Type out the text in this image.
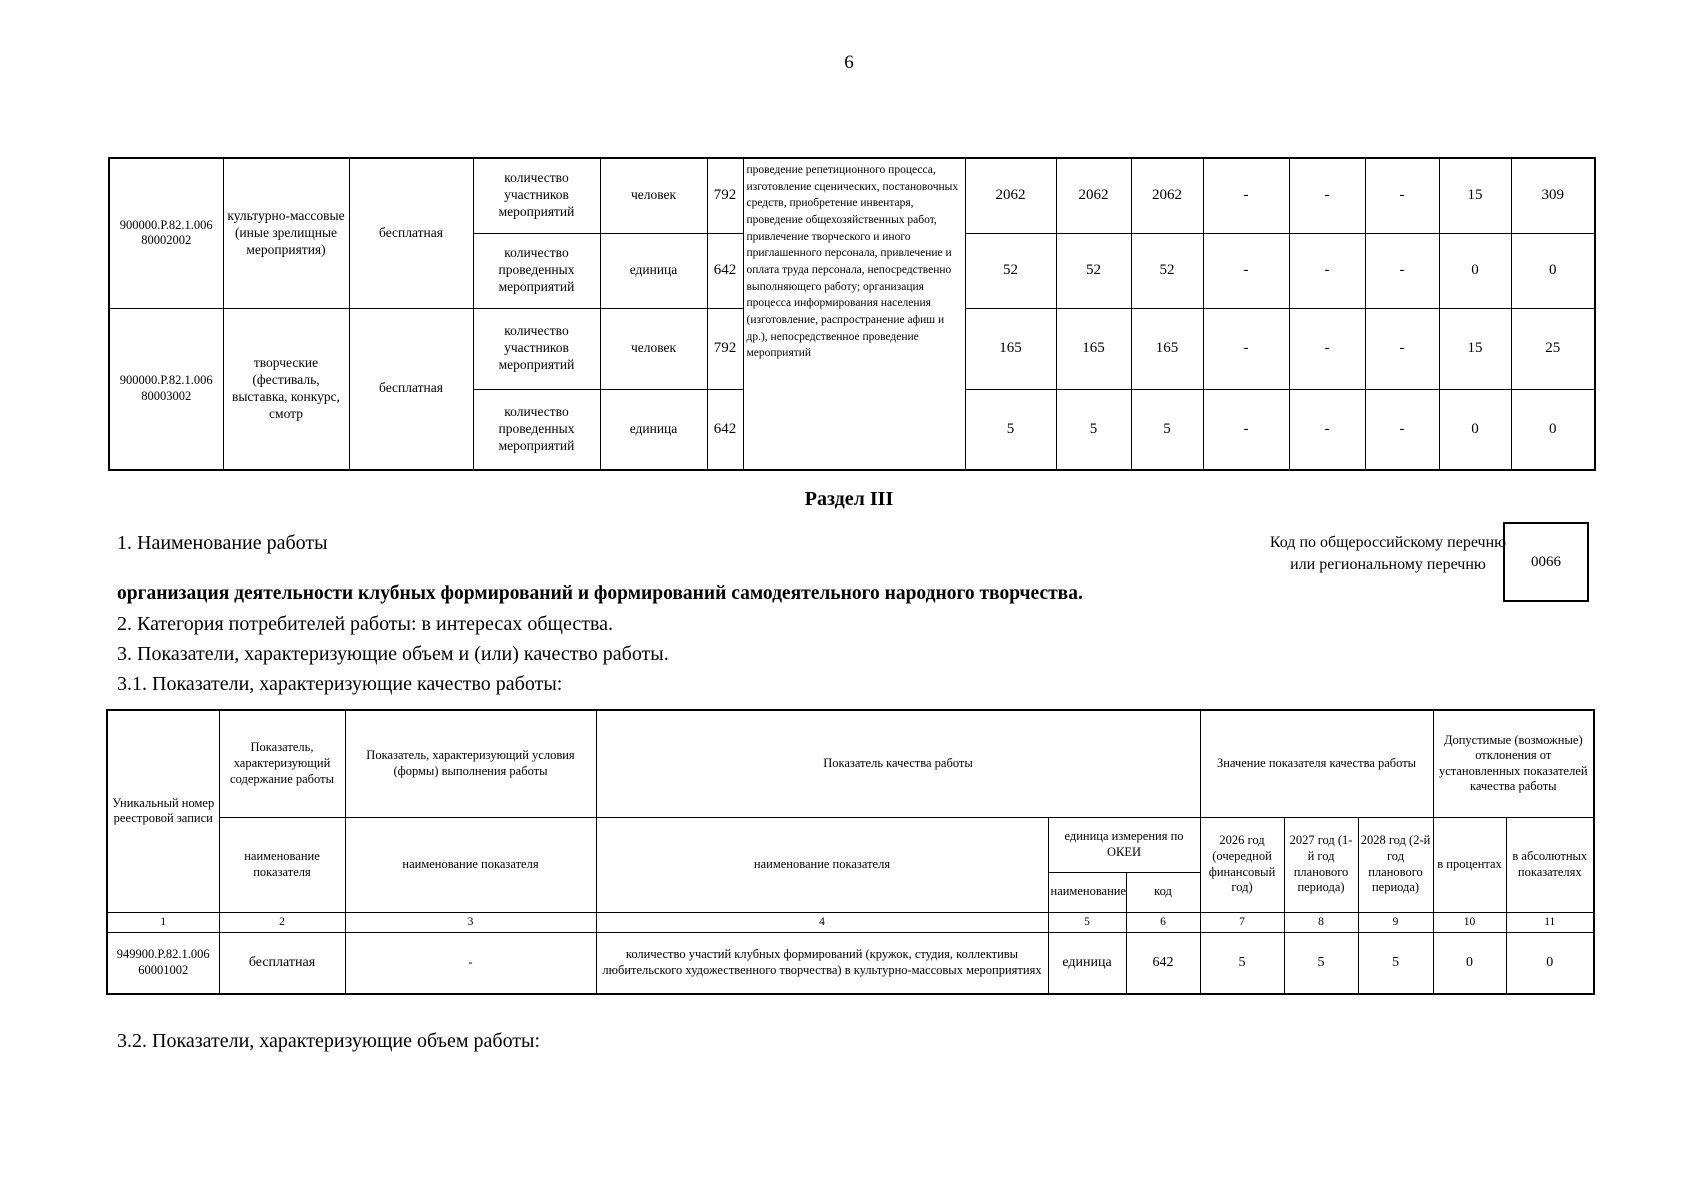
6
900000.Р.82.1.006 80002002	культурно-массовые (иные зрелищные мероприятия)	бесплатная	количество участников мероприятий	человек	792	проведение репетиционного процесса, изготовление сценических, постановочных средств, приобретение инвентаря, проведение общехозяйственных работ, привлечение творческого и иного приглашенного персонала, привлечение и оплата труда персонала, непосредственно выполняющего работу; организация процесса информирования населения (изготовление, распространение афиш и др.), непосредственное проведение мероприятий	2062	2062	2062	-	-	-	15	309
			количество проведенных мероприятий	единица	642		52	52	52	-	-	-	0	0
900000.Р.82.1.006 80003002	творческие (фестиваль, выставка, конкурс, смотр	бесплатная	количество участников мероприятий	человек	792		165	165	165	-	-	-	15	25
			количество проведенных мероприятий	единица	642		5	5	5	-	-	-	0	0
Раздел III
1. Наименование работы	Код по общероссийскому перечню или региональному перечню	0066
организация деятельности клубных формирований и формирований самодеятельного народного творчества.
2. Категория потребителей работы: в интересах общества.
3. Показатели, характеризующие объем и (или) качество работы.
3.1. Показатели, характеризующие качество работы:
Уникальный номер реестровой записи	Показатель, характеризующий содержание работы	Показатель, характеризующий условия (формы) выполнения работы	Показатель качества работы			Значение показателя качества работы			Допустимые (возможные) отклонения от установленных показателей качества работы	
	наименование показателя	наименование показателя	наименование показателя	единица измерения по ОКЕИ		2026 год (очередной финансовый год)	2027 год (1-й год планового периода)	2028 год (2-й год планового периода)	в процентах	в абсолютных показателях
				наименование	код					
1	2	3	4	5	6	7	8	9	10	11
949900.Р.82.1.006 60001002	бесплатная	-	количество участий клубных формирований (кружок, студия, коллективы любительского художественного творчества) в культурно-массовых мероприятиях	единица	642	5	5	5	0	0
3.2. Показатели, характеризующие объем работы:
